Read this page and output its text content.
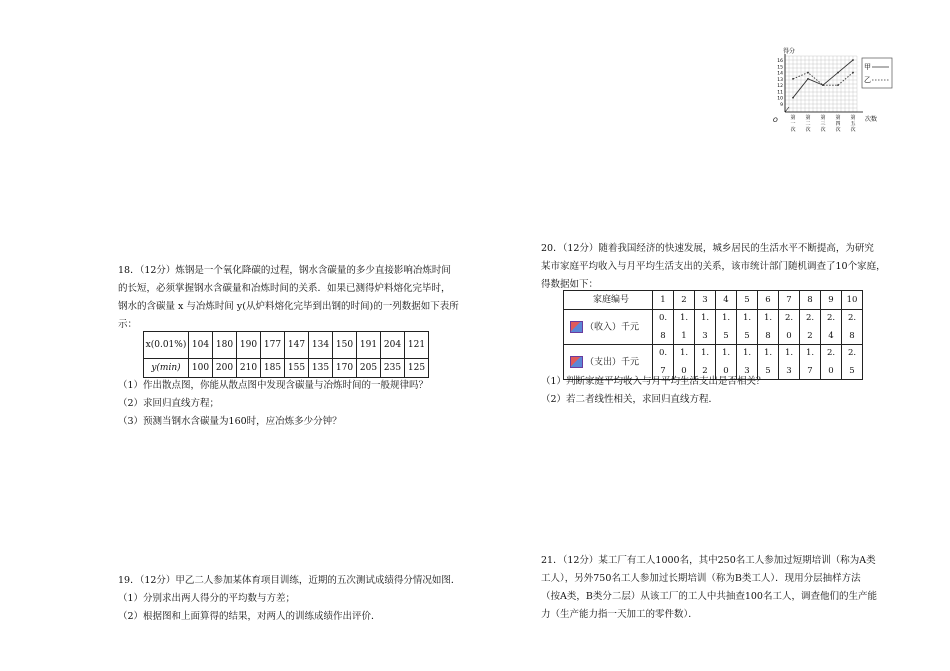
16
15
14
13
12
11
10
9
第
一
次
第
二
次
第
三
次
第
四
次
第
五
次
甲
乙
得分
次数
O
18．（12分）炼钢是一个氧化降碳的过程，钢水含碳量的多少直接影响冶炼时间
的长短，必须掌握钢水含碳量和冶炼时间的关系．如果已测得炉料熔化完毕时，
钢水的含碳量 x 与冶炼时间 y(从炉料熔化完毕到出钢的时间)的一列数据如下表所
示：
x(0.01%)	104	180	190	177	147	134	150	191	204	121
y(min)	100	200	210	185	155	135	170	205	235	125
（1）作出散点图，你能从散点图中发现含碳量与冶炼时间的一般规律吗？
（2）求回归直线方程；
（3）预测当钢水含碳量为160时，应冶炼多少分钟？
19．（12分）甲乙二人参加某体育项目训练，近期的五次测试成绩得分情况如图．
（1）分别求出两人得分的平均数与方差；
（2）根据图和上面算得的结果，对两人的训练成绩作出评价．
20．（12分）随着我国经济的快速发展，城乡居民的生活水平不断提高，为研究
某市家庭平均收入与月平均生活支出的关系，该市统计部门随机调查了10个家庭，
得数据如下：
家庭编号	1	2	3	4	5	6	7	8	9	10
（收入）千元	0.

8	1.

1	1.

3	1.

5	1.

5	1.

8	2.

0	2.

2	2.

4	2.

8
（支出）千元	0.

7	1.

0	1.

2	1.

0	1.

3	1.

5	1.

3	1.

7	2.

0	2.

5
（1）判断家庭平均收入与月平均生活支出是否相关？
（2）若二者线性相关，求回归直线方程．
21．（12分）某工厂有工人1000名，其中250名工人参加过短期培训（称为A类
工人），另外750名工人参加过长期培训（称为B类工人）．现用分层抽样方法
（按A类，B类分二层）从该工厂的工人中共抽查100名工人，调查他们的生产能
力（生产能力指一天加工的零件数）．
